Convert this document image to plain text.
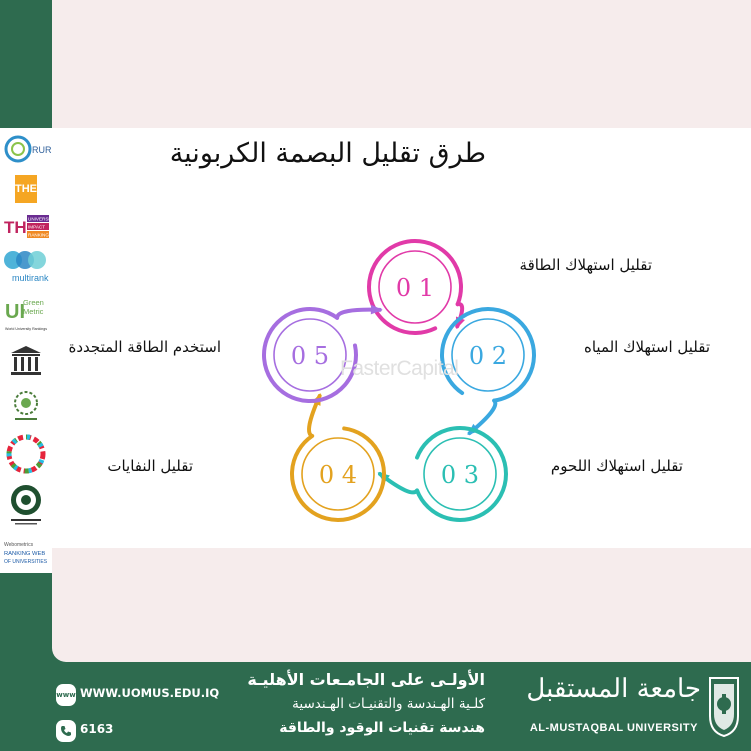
RUR
THE
TH UNIVERSITY
IMPACT
RANKINGS
multirank
UI
Green
Metric
World University Rankings
Webometrics
RANKING WEB
OF UNIVERSITIES
طرق تقليل البصمة الكربونية
0 1
0 2
0 3
0 4
0 5 FasterCapital
تقليل استهلاك الطاقة
تقليل استهلاك المياه
تقليل استهلاك اللحوم
تقليل النفايات
استخدم الطاقة المتجددة
www WWW.UOMUS.EDU.IQ
6163
الأولـى على الجامـعات الأهليـة
كلـية الهـندسة والتقنيـات الهـندسية
هندسة تقنيات الوقود والطاقة
جامعة المستقبل
AL-MUSTAQBAL UNIVERSITY
